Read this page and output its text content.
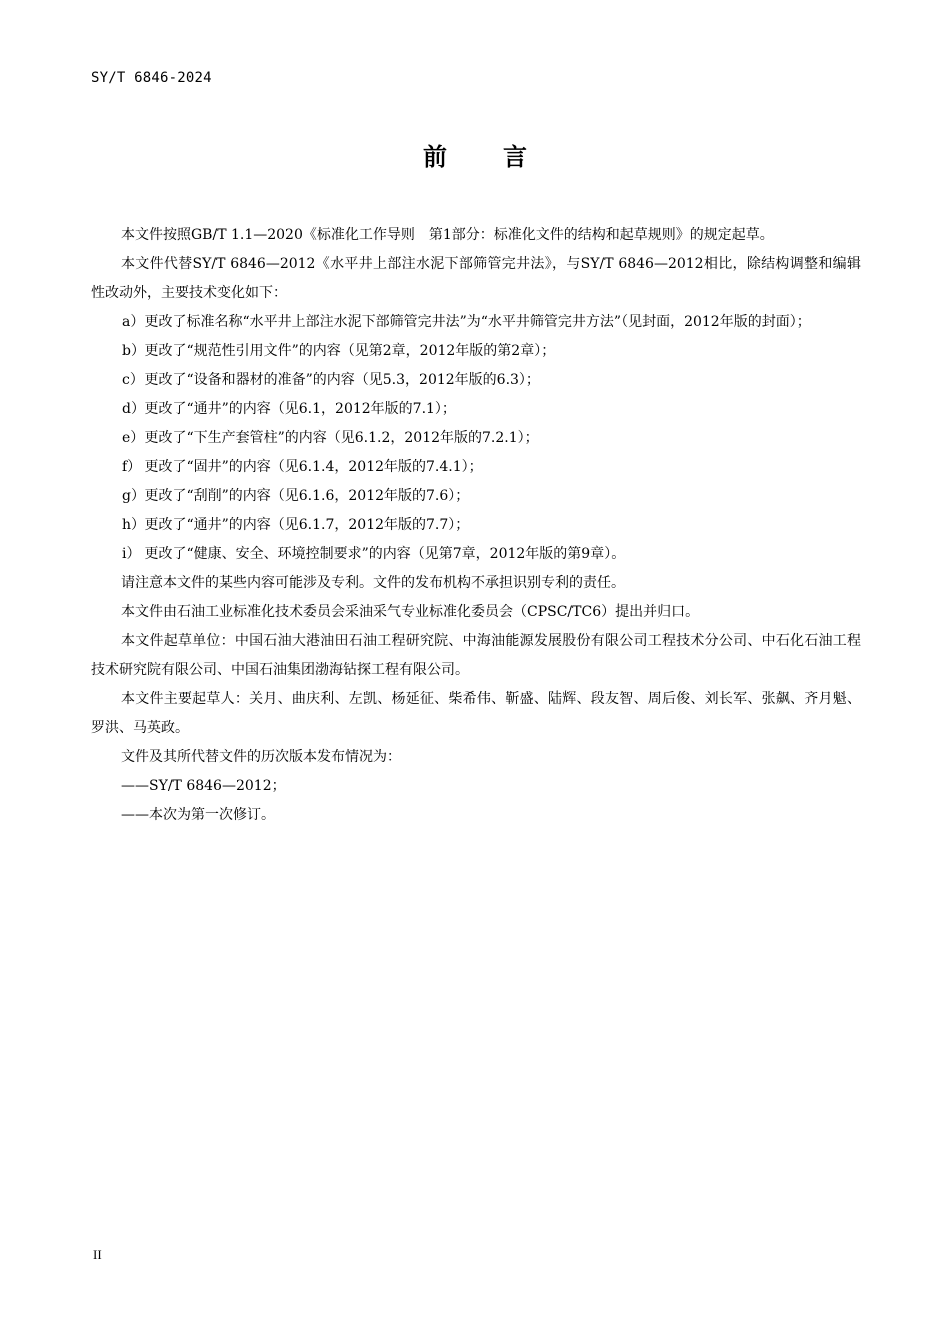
SY/T 6846-2024
前言

本文件按照GB/T 1.1—2020《标准化工作导则　第1部分：标准化文件的结构和起草规则》的规定起草。

本文件代替SY/T 6846—2012《水平井上部注水泥下部筛管完井法》，与SY/T 6846—2012相比，除结构调整和编辑性改动外，主要技术变化如下：

a） 更改了标准名称“水平井上部注水泥下部筛管完井法”为“水平井筛管完井方法”（见封面，2012年版的封面）；

b） 更改了“规范性引用文件”的内容（见第2章，2012年版的第2章）；

c） 更改了“设备和器材的准备”的内容（见5.3，2012年版的6.3）；

d） 更改了“通井”的内容（见6.1，2012年版的7.1）；

e） 更改了“下生产套管柱”的内容（见6.1.2，2012年版的7.2.1）；

f） 更改了“固井”的内容（见6.1.4，2012年版的7.4.1）；

g） 更改了“刮削”的内容（见6.1.6，2012年版的7.6）；

h） 更改了“通井”的内容（见6.1.7，2012年版的7.7）；

i） 更改了“健康、安全、环境控制要求”的内容（见第7章，2012年版的第9章）。

请注意本文件的某些内容可能涉及专利。文件的发布机构不承担识别专利的责任。

本文件由石油工业标准化技术委员会采油采气专业标准化委员会（CPSC/TC6）提出并归口。

本文件起草单位：中国石油大港油田石油工程研究院、中海油能源发展股份有限公司工程技术分公司、中石化石油工程技术研究院有限公司、中国石油集团渤海钻探工程有限公司。

本文件主要起草人：关月、曲庆利、左凯、杨延征、柴希伟、靳盛、陆辉、段友智、周后俊、刘长军、张飙、齐月魁、罗洪、马英政。

文件及其所代替文件的历次版本发布情况为：

——SY/T 6846—2012；

——本次为第一次修订。

II
